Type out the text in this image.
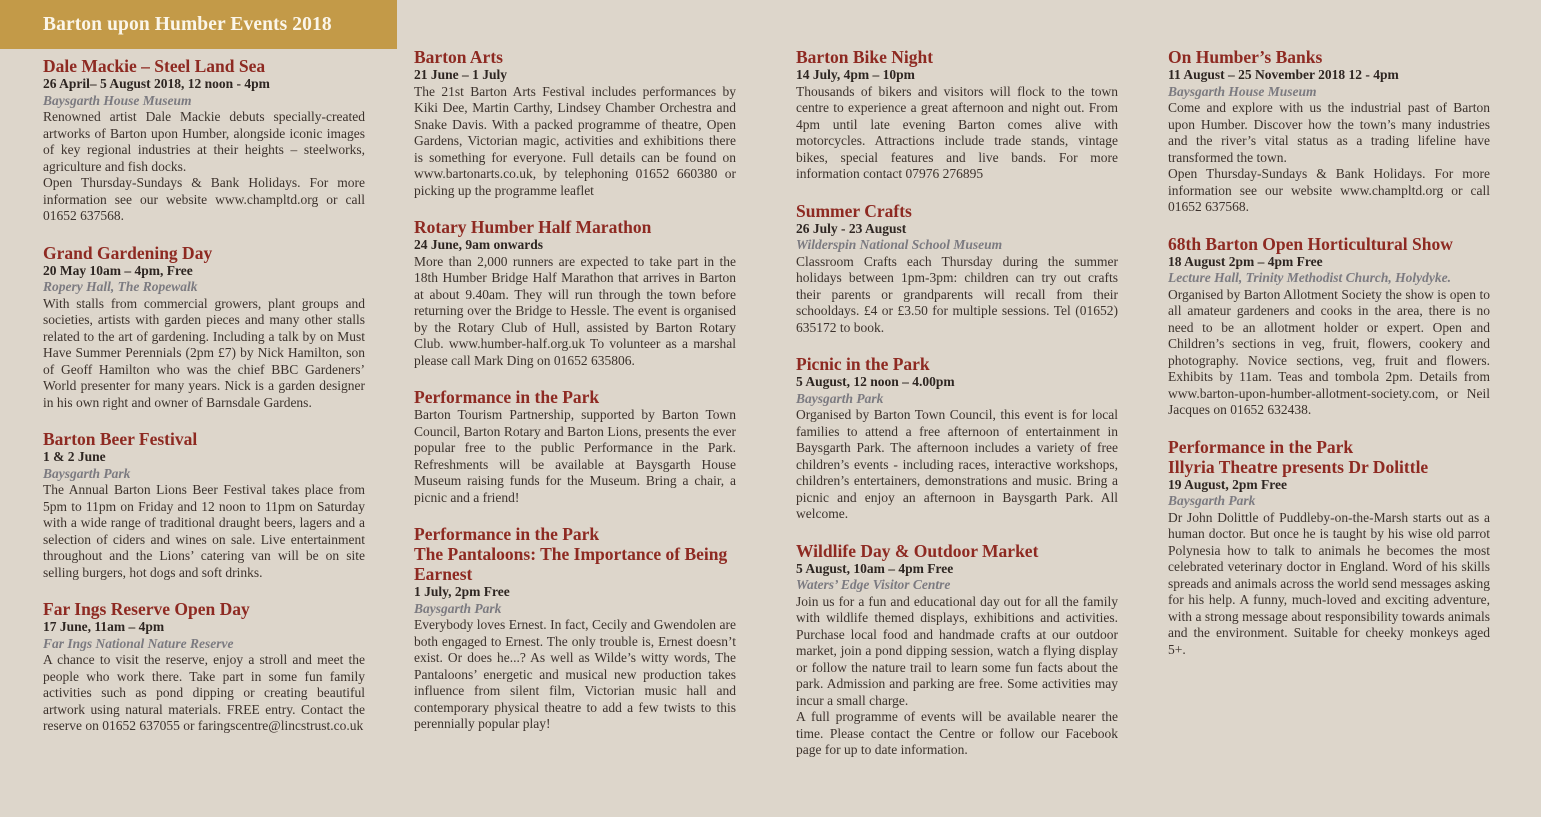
Barton upon Humber Events 2018
Dale Mackie – Steel Land Sea
26 April– 5 August 2018, 12 noon - 4pm
Baysgarth House Museum

Renowned artist Dale Mackie debuts specially-created artworks of Barton upon Humber, alongside iconic images of key regional industries at their heights – steelworks, agriculture and fish docks.

Open Thursday-Sundays & Bank Holidays. For more information see our website www.champltd.org or call 01652 637568.

Grand Gardening Day
20 May 10am – 4pm, Free
Ropery Hall, The Ropewalk

With stalls from commercial growers, plant groups and societies, artists with garden pieces and many other stalls related to the art of gardening. Including a talk by on Must Have Summer Perennials (2pm £7) by Nick Hamilton, son of Geoff Hamilton who was the chief BBC Gardeners’ World presenter for many years. Nick is a garden designer in his own right and owner of Barnsdale Gardens.

Barton Beer Festival
1 & 2 June
Baysgarth Park

The Annual Barton Lions Beer Festival takes place from 5pm to 11pm on Friday and 12 noon to 11pm on Saturday with a wide range of traditional draught beers, lagers and a selection of ciders and wines on sale. Live entertainment throughout and the Lions’ catering van will be on site selling burgers, hot dogs and soft drinks.

Far Ings Reserve Open Day
17 June, 11am – 4pm
Far Ings National Nature Reserve

A chance to visit the reserve, enjoy a stroll and meet the people who work there. Take part in some fun family activities such as pond dipping or creating beautiful artwork using natural materials. FREE entry. Contact the reserve on 01652 637055 or faringscentre@lincstrust.co.uk

Barton Arts
21 June – 1 July

The 21st Barton Arts Festival includes performances by Kiki Dee, Martin Carthy, Lindsey Chamber Orchestra and Snake Davis. With a packed programme of theatre, Open Gardens, Victorian magic, activities and exhibitions there is something for everyone. Full details can be found on www.bartonarts.co.uk, by telephoning 01652 660380 or picking up the programme leaflet

Rotary Humber Half Marathon
24 June, 9am onwards

More than 2,000 runners are expected to take part in the 18th Humber Bridge Half Marathon that arrives in Barton at about 9.40am. They will run through the town before returning over the Bridge to Hessle. The event is organised by the Rotary Club of Hull, assisted by Barton Rotary Club. www.humber-half.org.uk To volunteer as a marshal please call Mark Ding on 01652 635806.

Performance in the Park

Barton Tourism Partnership, supported by Barton Town Council, Barton Rotary and Barton Lions, presents the ever popular free to the public Performance in the Park. Refreshments will be available at Baysgarth House Museum raising funds for the Museum. Bring a chair, a picnic and a friend!

Performance in the Park
The Pantaloons: The Importance of Being Earnest
1 July, 2pm Free
Baysgarth Park

Everybody loves Ernest. In fact, Cecily and Gwendolen are both engaged to Ernest. The only trouble is, Ernest doesn’t exist. Or does he...? As well as Wilde’s witty words, The Pantaloons’ energetic and musical new production takes influence from silent film, Victorian music hall and contemporary physical theatre to add a few twists to this perennially popular play!

Barton Bike Night
14 July, 4pm – 10pm

Thousands of bikers and visitors will flock to the town centre to experience a great afternoon and night out. From 4pm until late evening Barton comes alive with motorcycles. Attractions include trade stands, vintage bikes, special features and live bands. For more information contact 07976 276895

Summer Crafts
26 July - 23 August
Wilderspin National School Museum

Classroom Crafts each Thursday during the summer holidays between 1pm-3pm: children can try out crafts their parents or grandparents will recall from their schooldays. £4 or £3.50 for multiple sessions. Tel (01652) 635172 to book.

Picnic in the Park
5 August, 12 noon – 4.00pm
Baysgarth Park

Organised by Barton Town Council, this event is for local families to attend a free afternoon of entertainment in Baysgarth Park. The afternoon includes a variety of free children’s events - including races, interactive workshops, children’s entertainers, demonstrations and music. Bring a picnic and enjoy an afternoon in Baysgarth Park. All welcome.

Wildlife Day & Outdoor Market
5 August, 10am – 4pm Free
Waters’ Edge Visitor Centre

Join us for a fun and educational day out for all the family with wildlife themed displays, exhibitions and activities. Purchase local food and handmade crafts at our outdoor market, join a pond dipping session, watch a flying display or follow the nature trail to learn some fun facts about the park. Admission and parking are free. Some activities may incur a small charge.

A full programme of events will be available nearer the time. Please contact the Centre or follow our Facebook page for up to date information.

On Humber’s Banks
11 August – 25 November 2018 12 - 4pm
Baysgarth House Museum

Come and explore with us the industrial past of Barton upon Humber. Discover how the town’s many industries and the river’s vital status as a trading lifeline have transformed the town.

Open Thursday-Sundays & Bank Holidays. For more information see our website www.champltd.org or call 01652 637568.

68th Barton Open Horticultural Show
18 August 2pm – 4pm Free
Lecture Hall, Trinity Methodist Church, Holydyke.

Organised by Barton Allotment Society the show is open to all amateur gardeners and cooks in the area, there is no need to be an allotment holder or expert. Open and Children’s sections in veg, fruit, flowers, cookery and photography. Novice sections, veg, fruit and flowers. Exhibits by 11am. Teas and tombola 2pm. Details from www.barton-upon-humber-allotment-society.com, or Neil Jacques on 01652 632438.

Performance in the Park
Illyria Theatre presents Dr Dolittle
19 August, 2pm Free
Baysgarth Park

Dr John Dolittle of Puddleby-on-the-Marsh starts out as a human doctor. But once he is taught by his wise old parrot Polynesia how to talk to animals he becomes the most celebrated veterinary doctor in England. Word of his skills spreads and animals across the world send messages asking for his help. A funny, much-loved and exciting adventure, with a strong message about responsibility towards animals and the environment. Suitable for cheeky monkeys aged 5+.
